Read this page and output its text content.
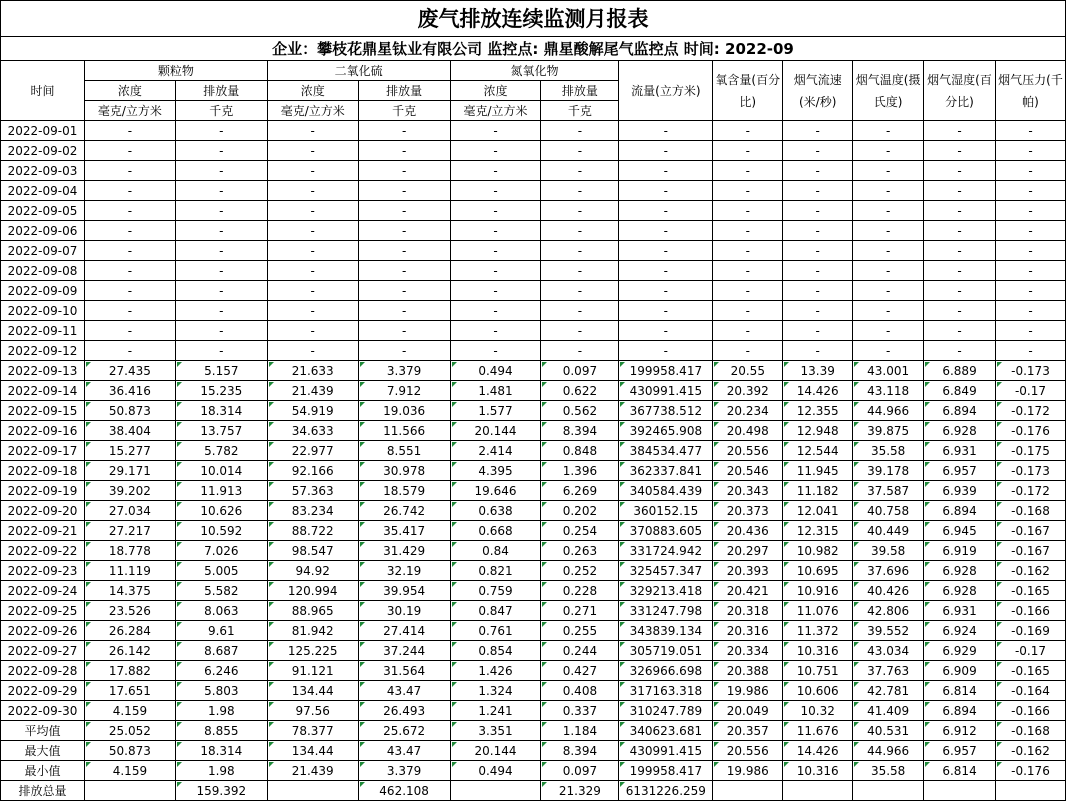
废气排放连续监测月报表												
企业：攀枝花鼎星钛业有限公司 监控点: 鼎星酸解尾气监控点 时间: 2022-09												
时间	颗粒物		二氧化硫		氮氧化物		流量(立方米)	氧含量(百分比)	烟气流速(米/秒)	烟气温度(摄氏度)	烟气湿度(百分比)	烟气压力(千帕)
	浓度	排放量	浓度	排放量	浓度	排放量						
	毫克/立方米	千克	毫克/立方米	千克	毫克/立方米	千克						
2022-09-01	-	-	-	-	-	-	-	-	-	-	-	-
2022-09-02	-	-	-	-	-	-	-	-	-	-	-	-
2022-09-03	-	-	-	-	-	-	-	-	-	-	-	-
2022-09-04	-	-	-	-	-	-	-	-	-	-	-	-
2022-09-05	-	-	-	-	-	-	-	-	-	-	-	-
2022-09-06	-	-	-	-	-	-	-	-	-	-	-	-
2022-09-07	-	-	-	-	-	-	-	-	-	-	-	-
2022-09-08	-	-	-	-	-	-	-	-	-	-	-	-
2022-09-09	-	-	-	-	-	-	-	-	-	-	-	-
2022-09-10	-	-	-	-	-	-	-	-	-	-	-	-
2022-09-11	-	-	-	-	-	-	-	-	-	-	-	-
2022-09-12	-	-	-	-	-	-	-	-	-	-	-	-
2022-09-13	27.435	5.157	21.633	3.379	0.494	0.097	199958.417	20.55	13.39	43.001	6.889	-0.173
2022-09-14	36.416	15.235	21.439	7.912	1.481	0.622	430991.415	20.392	14.426	43.118	6.849	-0.17
2022-09-15	50.873	18.314	54.919	19.036	1.577	0.562	367738.512	20.234	12.355	44.966	6.894	-0.172
2022-09-16	38.404	13.757	34.633	11.566	20.144	8.394	392465.908	20.498	12.948	39.875	6.928	-0.176
2022-09-17	15.277	5.782	22.977	8.551	2.414	0.848	384534.477	20.556	12.544	35.58	6.931	-0.175
2022-09-18	29.171	10.014	92.166	30.978	4.395	1.396	362337.841	20.546	11.945	39.178	6.957	-0.173
2022-09-19	39.202	11.913	57.363	18.579	19.646	6.269	340584.439	20.343	11.182	37.587	6.939	-0.172
2022-09-20	27.034	10.626	83.234	26.742	0.638	0.202	360152.15	20.373	12.041	40.758	6.894	-0.168
2022-09-21	27.217	10.592	88.722	35.417	0.668	0.254	370883.605	20.436	12.315	40.449	6.945	-0.167
2022-09-22	18.778	7.026	98.547	31.429	0.84	0.263	331724.942	20.297	10.982	39.58	6.919	-0.167
2022-09-23	11.119	5.005	94.92	32.19	0.821	0.252	325457.347	20.393	10.695	37.696	6.928	-0.162
2022-09-24	14.375	5.582	120.994	39.954	0.759	0.228	329213.418	20.421	10.916	40.426	6.928	-0.165
2022-09-25	23.526	8.063	88.965	30.19	0.847	0.271	331247.798	20.318	11.076	42.806	6.931	-0.166
2022-09-26	26.284	9.61	81.942	27.414	0.761	0.255	343839.134	20.316	11.372	39.552	6.924	-0.169
2022-09-27	26.142	8.687	125.225	37.244	0.854	0.244	305719.051	20.334	10.316	43.034	6.929	-0.17
2022-09-28	17.882	6.246	91.121	31.564	1.426	0.427	326966.698	20.388	10.751	37.763	6.909	-0.165
2022-09-29	17.651	5.803	134.44	43.47	1.324	0.408	317163.318	19.986	10.606	42.781	6.814	-0.164
2022-09-30	4.159	1.98	97.56	26.493	1.241	0.337	310247.789	20.049	10.32	41.409	6.894	-0.166
平均值	25.052	8.855	78.377	25.672	3.351	1.184	340623.681	20.357	11.676	40.531	6.912	-0.168
最大值	50.873	18.314	134.44	43.47	20.144	8.394	430991.415	20.556	14.426	44.966	6.957	-0.162
最小值	4.159	1.98	21.439	3.379	0.494	0.097	199958.417	19.986	10.316	35.58	6.814	-0.176
排放总量		159.392		462.108		21.329	6131226.259					
